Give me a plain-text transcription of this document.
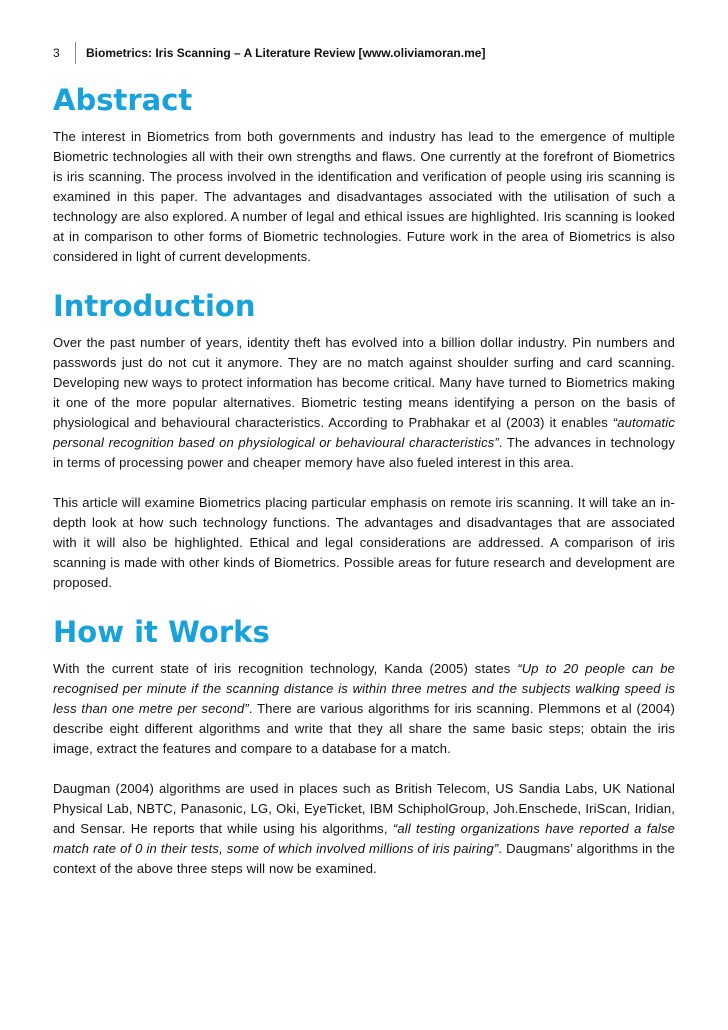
3	Biometrics: Iris Scanning – A Literature Review [www.oliviamoran.me]
Abstract

The interest in Biometrics from both governments and industry has lead to the emergence of multiple Biometric technologies all with their own strengths and flaws. One currently at the forefront of Biometrics is iris scanning. The process involved in the identification and verification of people using iris scanning is examined in this paper. The advantages and disadvantages associated with the utilisation of such a technology are also explored. A number of legal and ethical issues are highlighted. Iris scanning is looked at in comparison to other forms of Biometric technologies. Future work in the area of Biometrics is also considered in light of current developments.

Introduction

Over the past number of years, identity theft has evolved into a billion dollar industry. Pin numbers and passwords just do not cut it anymore. They are no match against shoulder surfing and card scanning. Developing new ways to protect information has become critical. Many have turned to Biometrics making it one of the more popular alternatives. Biometric testing means identifying a person on the basis of physiological and behavioural characteristics. According to Prabhakar et al (2003) it enables “automatic personal recognition based on physiological or behavioural characteristics”. The advances in technology in terms of processing power and cheaper memory have also fueled interest in this area.

This article will examine Biometrics placing particular emphasis on remote iris scanning. It will take an in-depth look at how such technology functions. The advantages and disadvantages that are associated with it will also be highlighted. Ethical and legal considerations are addressed. A comparison of iris scanning is made with other kinds of Biometrics. Possible areas for future research and development are proposed.

How it Works

With the current state of iris recognition technology, Kanda (2005) states “Up to 20 people can be recognised per minute if the scanning distance is within three metres and the subjects walking speed is less than one metre per second”. There are various algorithms for iris scanning. Plemmons et al (2004) describe eight different algorithms and write that they all share the same basic steps; obtain the iris image, extract the features and compare to a database for a match.

Daugman (2004) algorithms are used in places such as British Telecom, US Sandia Labs, UK National Physical Lab, NBTC, Panasonic, LG, Oki, EyeTicket, IBM SchipholGroup, Joh.Enschede, IriScan, Iridian, and Sensar. He reports that while using his algorithms, “all testing organizations have reported a false match rate of 0 in their tests, some of which involved millions of iris pairing”. Daugmans’ algorithms in the context of the above three steps will now be examined.
